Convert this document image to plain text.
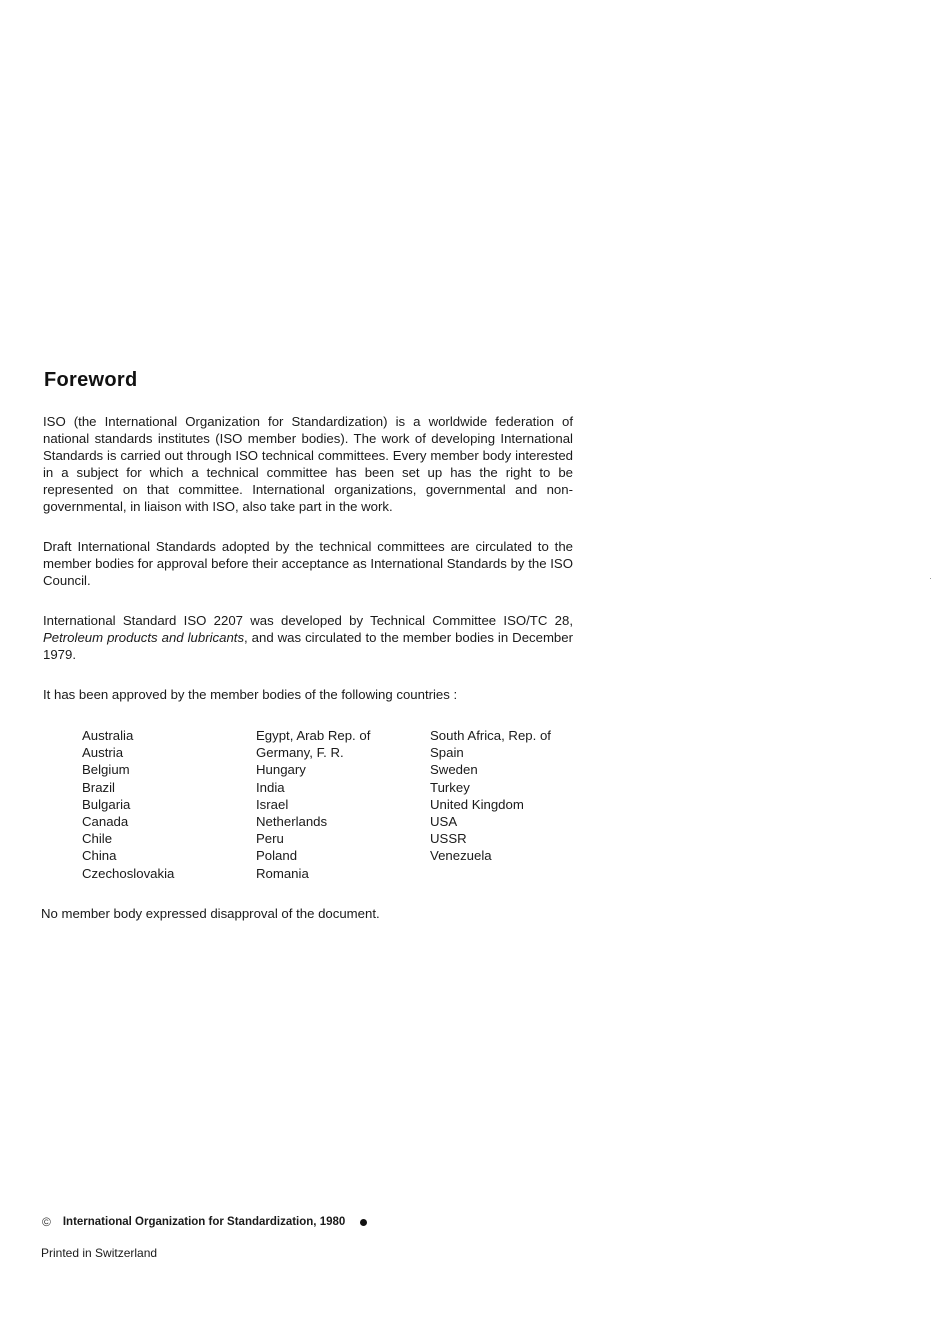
Foreword

ISO (the International Organization for Standardization) is a worldwide federation of national standards institutes (ISO member bodies). The work of developing International Standards is carried out through ISO technical committees. Every member body interested in a subject for which a technical committee has been set up has the right to be represented on that committee. International organizations, governmental and non-governmental, in liaison with ISO, also take part in the work.

Draft International Standards adopted by the technical committees are circulated to the member bodies for approval before their acceptance as International Standards by the ISO Council.

International Standard ISO 2207 was developed by Technical Committee ISO/TC 28, Petroleum products and lubricants, and was circulated to the member bodies in December 1979.

It has been approved by the member bodies of the following countries :

Australia
Austria
Belgium
Brazil
Bulgaria
Canada
Chile
China
Czechoslovakia
Egypt, Arab Rep. of
Germany, F. R.
Hungary
India
Israel
Netherlands
Peru
Poland
Romania
South Africa, Rep. of
Spain
Sweden
Turkey
United Kingdom
USA
USSR
Venezuela

No member body expressed disapproval of the document.

© International Organization for Standardization, 1980
Printed in Switzerland
